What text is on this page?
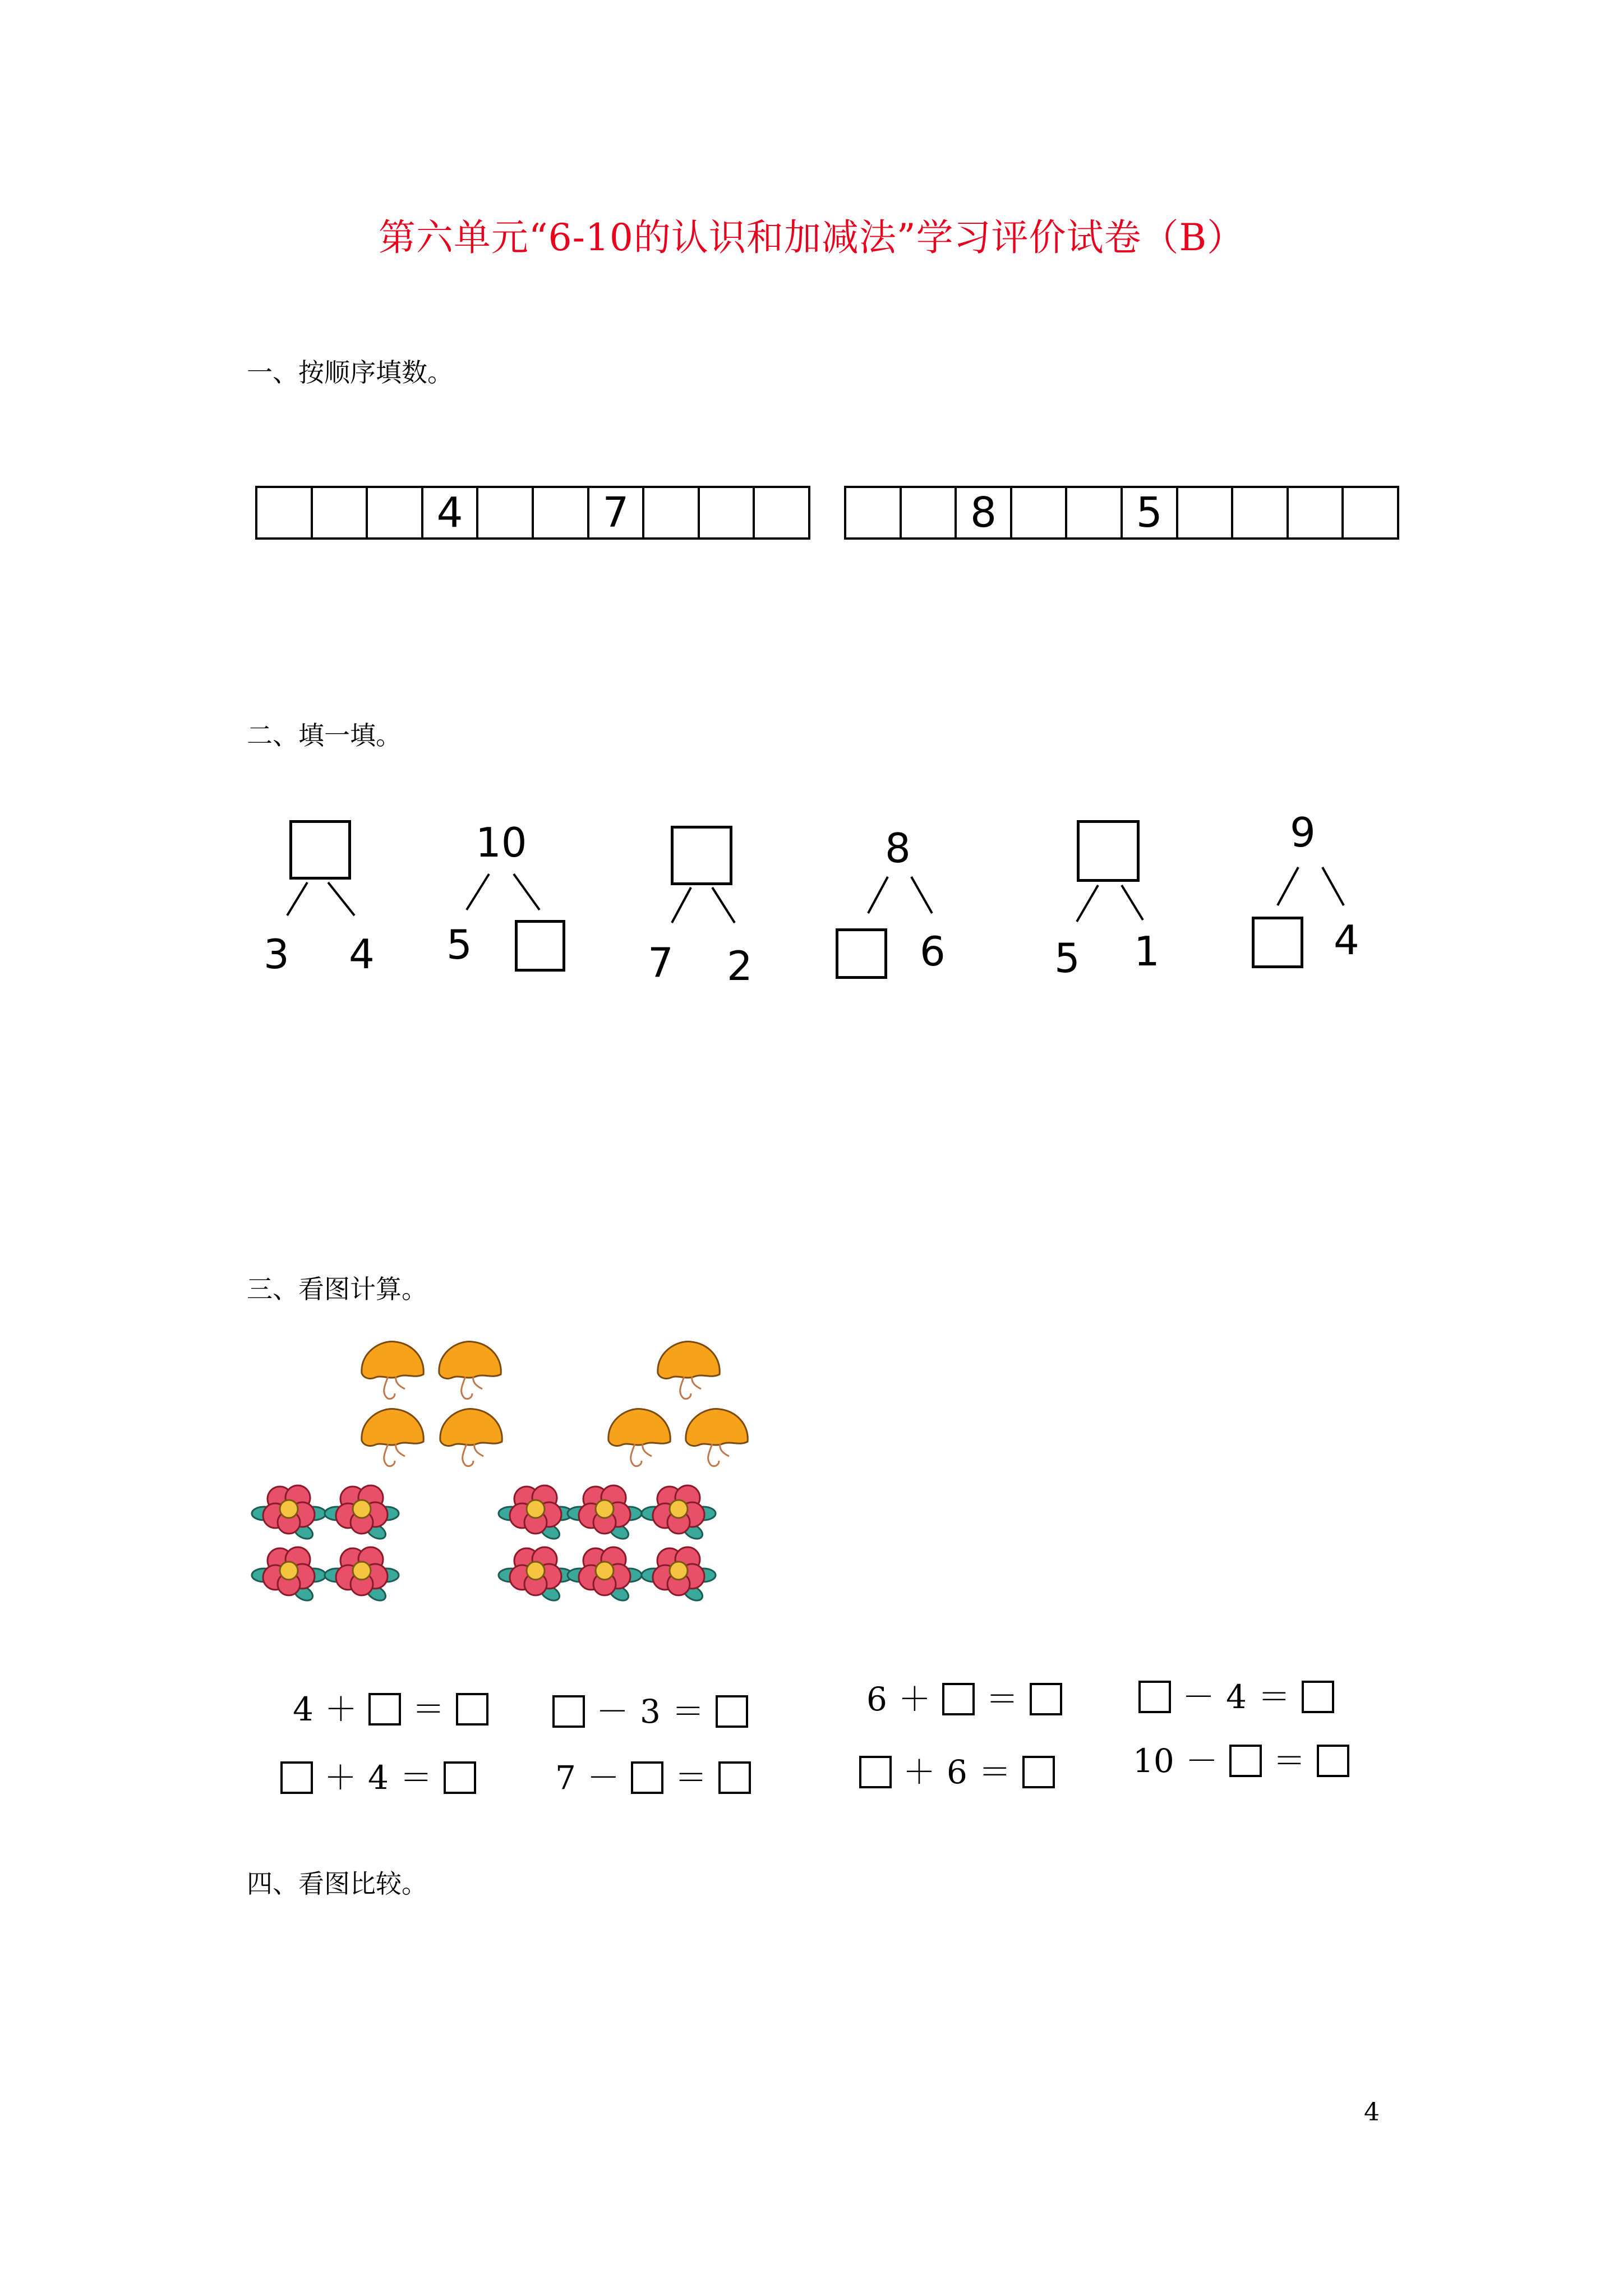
第六单元“6-10的认识和加减法”学习评价试卷（B）
一、按顺序填数。
4	7	8	5
二、填一填。
3 4
10
5	7 2
8
6	5 1
9
4
三、看图计算。
4 ＋ ＝	－ 3 ＝	6 ＋ ＝	－ 4 ＝
＋ 4 ＝	7 － ＝	＋ 6 ＝	10 － ＝
四、看图比较。
4
